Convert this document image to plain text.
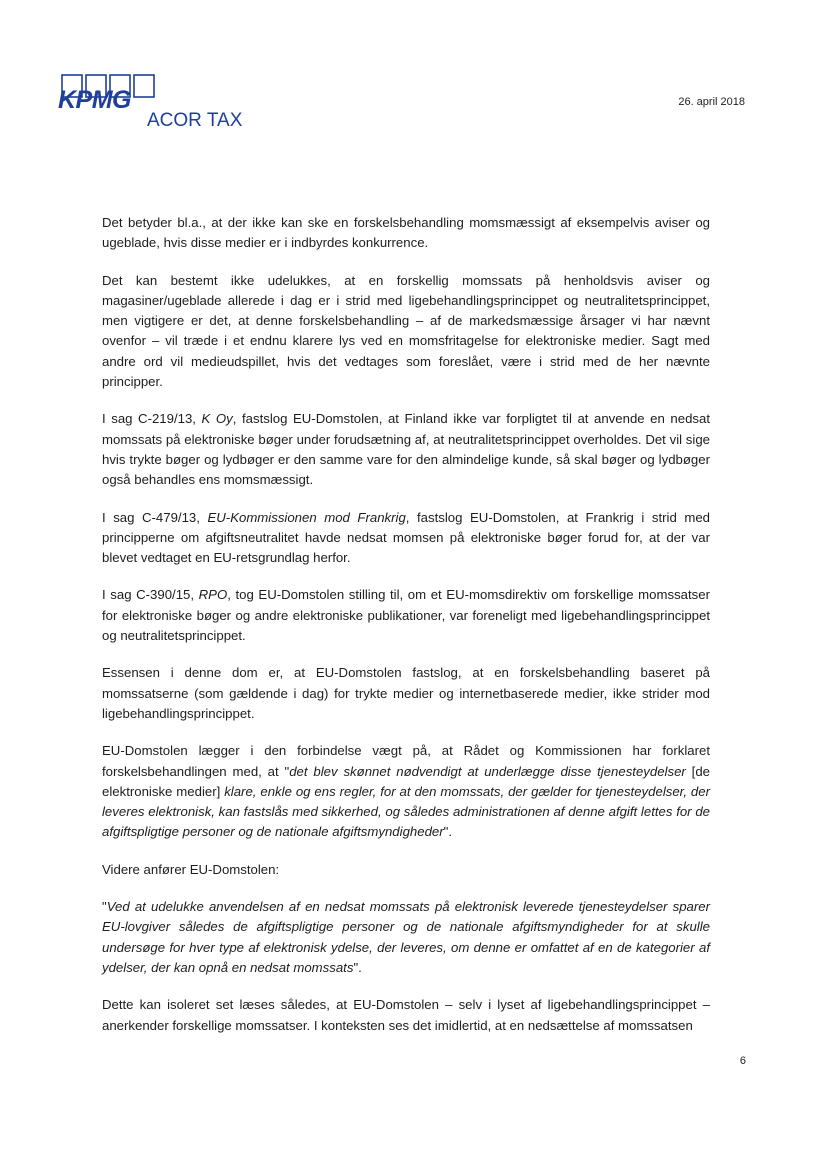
KPMG
ACOR TAX
26. april 2018

Det betyder bl.a., at der ikke kan ske en forskelsbehandling momsmæssigt af eksempelvis aviser og ugeblade, hvis disse medier er i indbyrdes konkurrence.

Det kan bestemt ikke udelukkes, at en forskellig momssats på henholdsvis aviser og magasiner/ugeblade allerede i dag er i strid med ligebehandlingsprincippet og neutralitetsprincippet, men vigtigere er det, at denne forskelsbehandling – af de markedsmæssige årsager vi har nævnt ovenfor – vil træde i et endnu klarere lys ved en momsfritagelse for elektroniske medier. Sagt med andre ord vil medieudspillet, hvis det vedtages som foreslået, være i strid med de her nævnte principper.

I sag C-219/13, K Oy, fastslog EU-Domstolen, at Finland ikke var forpligtet til at anvende en nedsat momssats på elektroniske bøger under forudsætning af, at neutralitetsprincippet overholdes. Det vil sige hvis trykte bøger og lydbøger er den samme vare for den almindelige kunde, så skal bøger og lydbøger også behandles ens momsmæssigt.

I sag C-479/13, EU-Kommissionen mod Frankrig, fastslog EU-Domstolen, at Frankrig i strid med principperne om afgiftsneutralitet havde nedsat momsen på elektroniske bøger forud for, at der var blevet vedtaget en EU-retsgrundlag herfor.

I sag C-390/15, RPO, tog EU-Domstolen stilling til, om et EU-momsdirektiv om forskellige momssatser for elektroniske bøger og andre elektroniske publikationer, var foreneligt med ligebehandlingsprincippet og neutralitetsprincippet.

Essensen i denne dom er, at EU-Domstolen fastslog, at en forskelsbehandling baseret på momssatserne (som gældende i dag) for trykte medier og internetbaserede medier, ikke strider mod ligebehandlingsprincippet.

EU-Domstolen lægger i den forbindelse vægt på, at Rådet og Kommissionen har forklaret forskelsbehandlingen med, at "det blev skønnet nødvendigt at underlægge disse tjenesteydelser [de elektroniske medier] klare, enkle og ens regler, for at den momssats, der gælder for tjenesteydelser, der leveres elektronisk, kan fastslås med sikkerhed, og således administrationen af denne afgift lettes for de afgiftspligtige personer og de nationale afgiftsmyndigheder".

Videre anfører EU-Domstolen:

"Ved at udelukke anvendelsen af en nedsat momssats på elektronisk leverede tjenesteydelser sparer EU-lovgiver således de afgiftspligtige personer og de nationale afgiftsmyndigheder for at skulle undersøge for hver type af elektronisk ydelse, der leveres, om denne er omfattet af en de kategorier af ydelser, der kan opnå en nedsat momssats".

Dette kan isoleret set læses således, at EU-Domstolen – selv i lyset af ligebehandlingsprincippet – anerkender forskellige momssatser. I konteksten ses det imidlertid, at en nedsættelse af momssatsen

6
